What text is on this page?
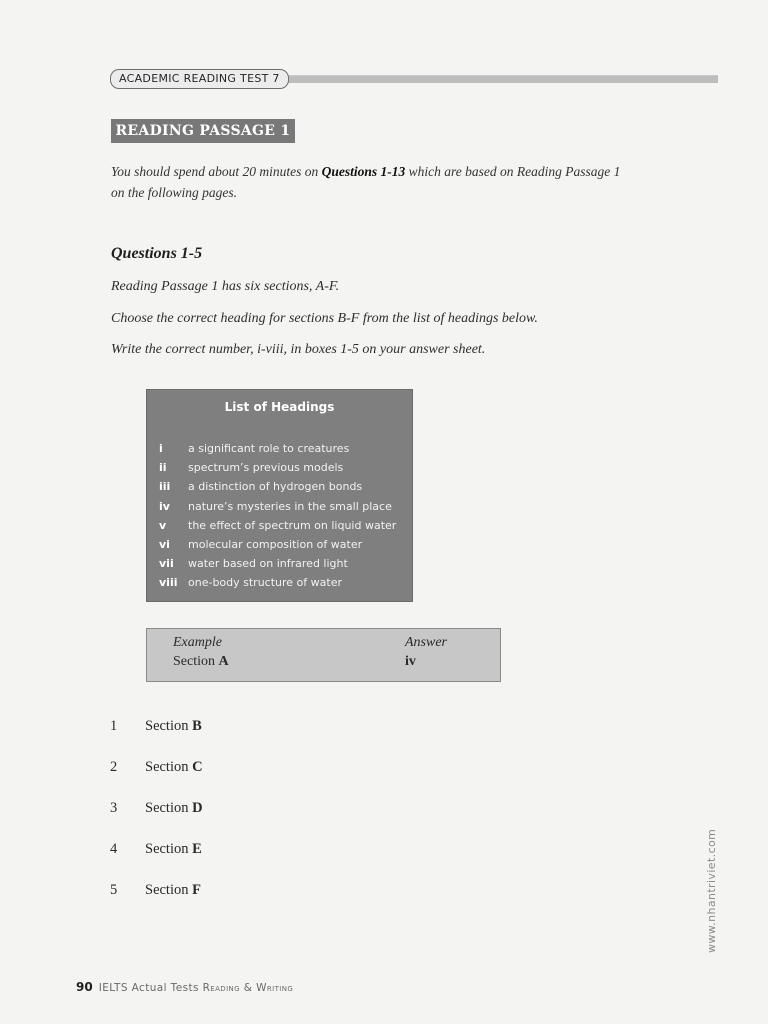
ACADEMIC READING TEST 7
READING PASSAGE 1
You should spend about 20 minutes on Questions 1-13 which are based on Reading Passage 1
on the following pages.
Questions 1-5
Reading Passage 1 has six sections, A-F.
Choose the correct heading for sections B-F from the list of headings below.
Write the correct number, i-viii, in boxes 1-5 on your answer sheet.
List of Headings
i a significant role to creatures
ii spectrum’s previous models
iii a distinction of hydrogen bonds
iv nature’s mysteries in the small place
v the effect of spectrum on liquid water
vi molecular composition of water
vii water based on infrared light
viii one-body structure of water
Example
Section A
Answer
iv
1 Section B
2 Section C
3 Section D
4 Section E
5 Section F	www.nhantriviet.com
90 IELTS Actual Tests Reading & Writing
